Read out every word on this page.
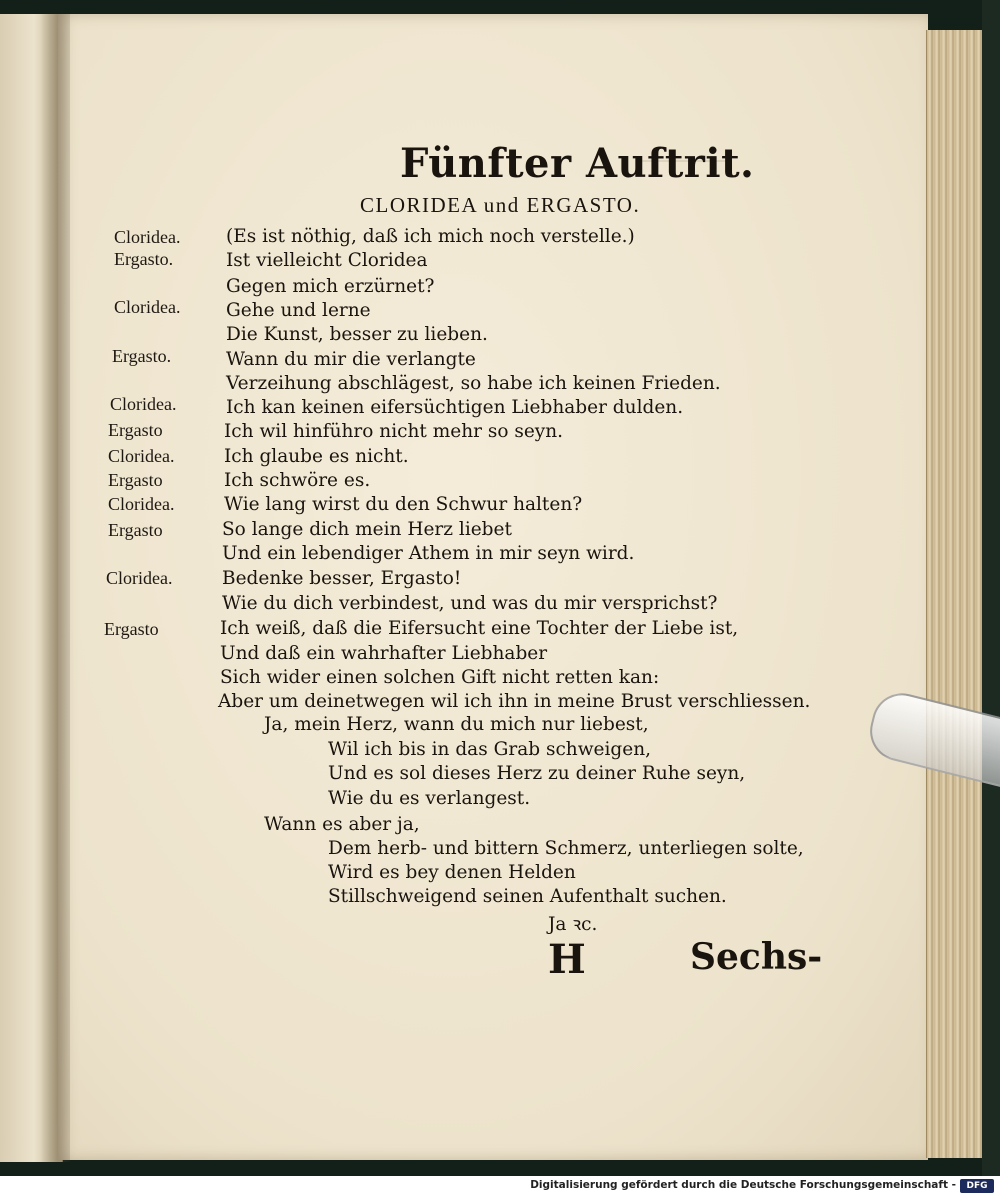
Fünfter Auftrit.
CLORIDEA und ERGASTO.
Cloridea. (Es ist nöthig, daß ich mich noch verstelle.)
Ergasto.	Ist vielleicht Cloridea
Gegen mich erzürnet?
Cloridea. Gehe und lerne
Die Kunst, besser zu lieben.
Ergasto.	Wann du mir die verlangte
Verzeihung abschlägest, so habe ich keinen Frieden.
Cloridea.	Ich kan keinen eifersüchtigen Liebhaber dulden.
Ergasto	Ich wil hinführo nicht mehr so seyn.
Cloridea.	Ich glaube es nicht.
Ergasto	Ich schwöre es.
Cloridea.	Wie lang wirst du den Schwur halten?
Ergasto	So lange dich mein Herz liebet
Und ein lebendiger Athem in mir seyn wird.
Cloridea.	Bedenke besser, Ergasto!
Wie du dich verbindest, und was du mir versprichst?
Ergasto	Ich weiß, daß die Eifersucht eine Tochter der Liebe ist,
Und daß ein wahrhafter Liebhaber
Sich wider einen solchen Gift nicht retten kan:
Aber um deinetwegen wil ich ihn in meine Brust verschliessen.
Ja, mein Herz, wann du mich nur liebest,
Wil ich bis in das Grab schweigen,
Und es sol dieses Herz zu deiner Ruhe seyn,
Wie du es verlangest.
Wann es aber ja,
Dem herb- und bittern Schmerz, unterliegen solte,
Wird es bey denen Helden
Stillschweigend seinen Aufenthalt suchen.
Ja ꝛc.
H	Sechs-
Digitalisierung gefördert durch die Deutsche Forschungsgemeinschaft -	DFG
